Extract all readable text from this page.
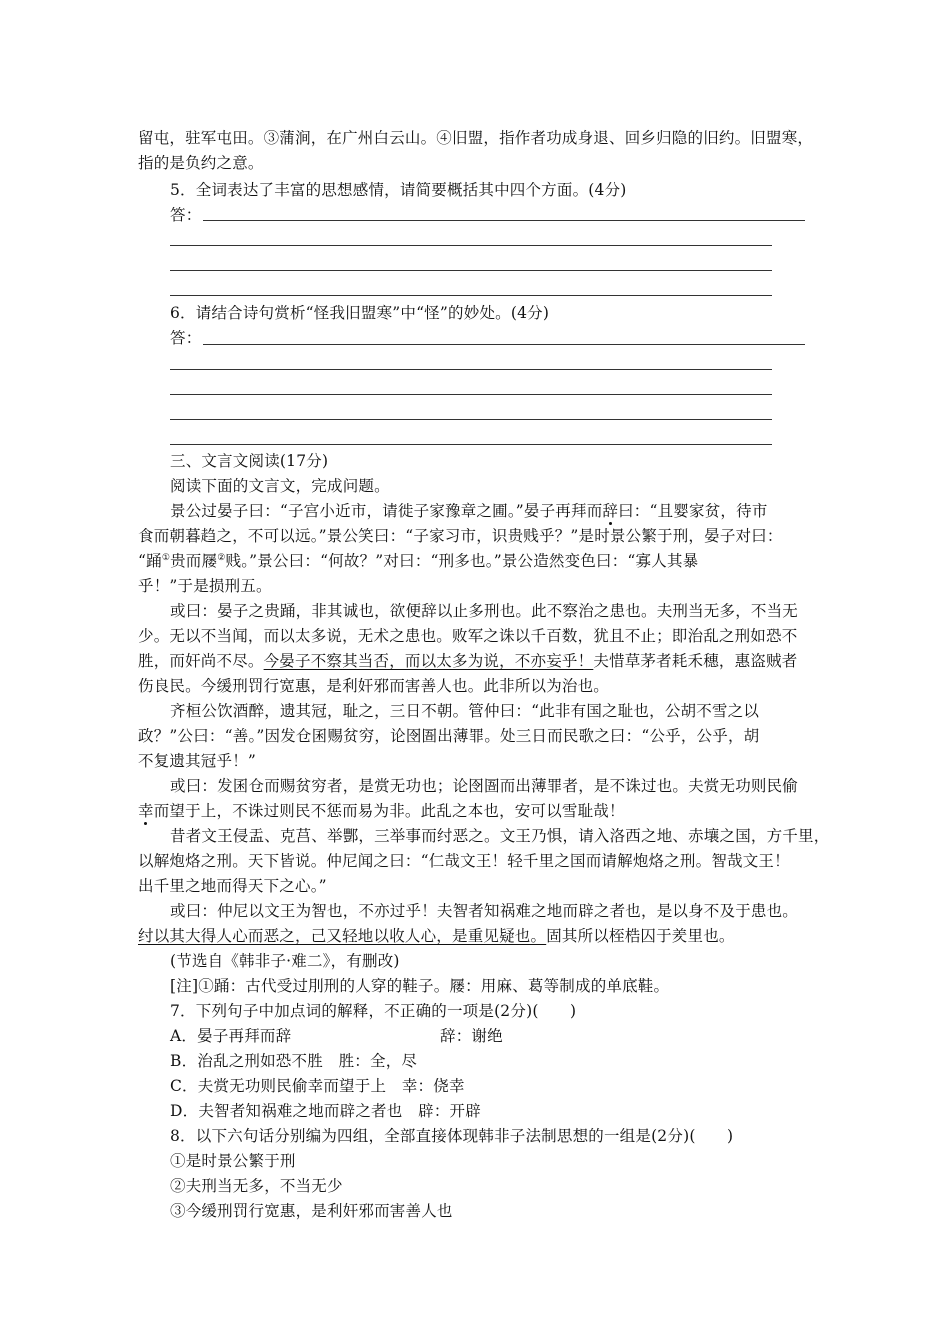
留屯，驻军屯田。③蒲涧，在广州白云山。④旧盟，指作者功成身退、回乡归隐的旧约。旧盟寒，
指的是负约之意。
5．全词表达了丰富的思想感情，请简要概括其中四个方面。(4分)
答：
6．请结合诗句赏析“怪我旧盟寒”中“怪”的妙处。(4分)
答：
三、文言文阅读(17分)
阅读下面的文言文，完成问题。
景公过晏子曰：“子宫小近市，请徙子家豫章之圃。”晏子再拜而辞曰：“且婴家贫，待市
食而朝暮趋之，不可以远。”景公笑曰：“子家习市，识贵贱乎？”是时景公繁于刑，晏子对曰：
“踊①贵而屦②贱。”景公曰：“何故？”对曰：“刑多也。”景公造然变色曰：“寡人其暴
乎！”于是损刑五。
或曰：晏子之贵踊，非其诚也，欲便辞以止多刑也。此不察治之患也。夫刑当无多，不当无
少。无以不当闻，而以太多说，无术之患也。败军之诛以千百数，犹且不止；即治乱之刑如恐不
胜，而奸尚不尽。今晏子不察其当否，而以太多为说，不亦妄乎！夫惜草茅者耗禾穗，惠盗贼者
伤良民。今缓刑罚行宽惠，是利奸邪而害善人也。此非所以为治也。
齐桓公饮酒醉，遗其冠，耻之，三日不朝。管仲曰：“此非有国之耻也，公胡不雪之以
政？”公曰：“善。”因发仓囷赐贫穷，论囹圄出薄罪。处三日而民歌之曰：“公乎，公乎，胡
不复遗其冠乎！”
或曰：发囷仓而赐贫穷者，是赏无功也；论囹圄而出薄罪者，是不诛过也。夫赏无功则民偷
幸而望于上，不诛过则民不惩而易为非。此乱之本也，安可以雪耻哉！
昔者文王侵盂、克莒、举酆，三举事而纣恶之。文王乃惧，请入洛西之地、赤壤之国，方千里，
以解炮烙之刑。天下皆说。仲尼闻之曰：“仁哉文王！轻千里之国而请解炮烙之刑。智哉文王！
出千里之地而得天下之心。”
或曰：仲尼以文王为智也，不亦过乎！夫智者知祸难之地而辟之者也，是以身不及于患也。
纣以其大得人心而恶之，己又轻地以收人心，是重见疑也。固其所以桎梏囚于羑里也。
(节选自《韩非子·难二》，有删改)
[注]①踊：古代受过刖刑的人穿的鞋子。屦：用麻、葛等制成的单底鞋。
7．下列句子中加点词的解释，不正确的一项是(2分)(　　)
A．晏子再拜而辞	辞：谢绝
B．治乱之刑如恐不胜　胜：全，尽
C．夫赏无功则民偷幸而望于上　幸：侥幸
D．夫智者知祸难之地而辟之者也　辟：开辟
8．以下六句话分别编为四组，全部直接体现韩非子法制思想的一组是(2分)(　　)
①是时景公繁于刑
②夫刑当无多，不当无少
③今缓刑罚行宽惠，是利奸邪而害善人也
